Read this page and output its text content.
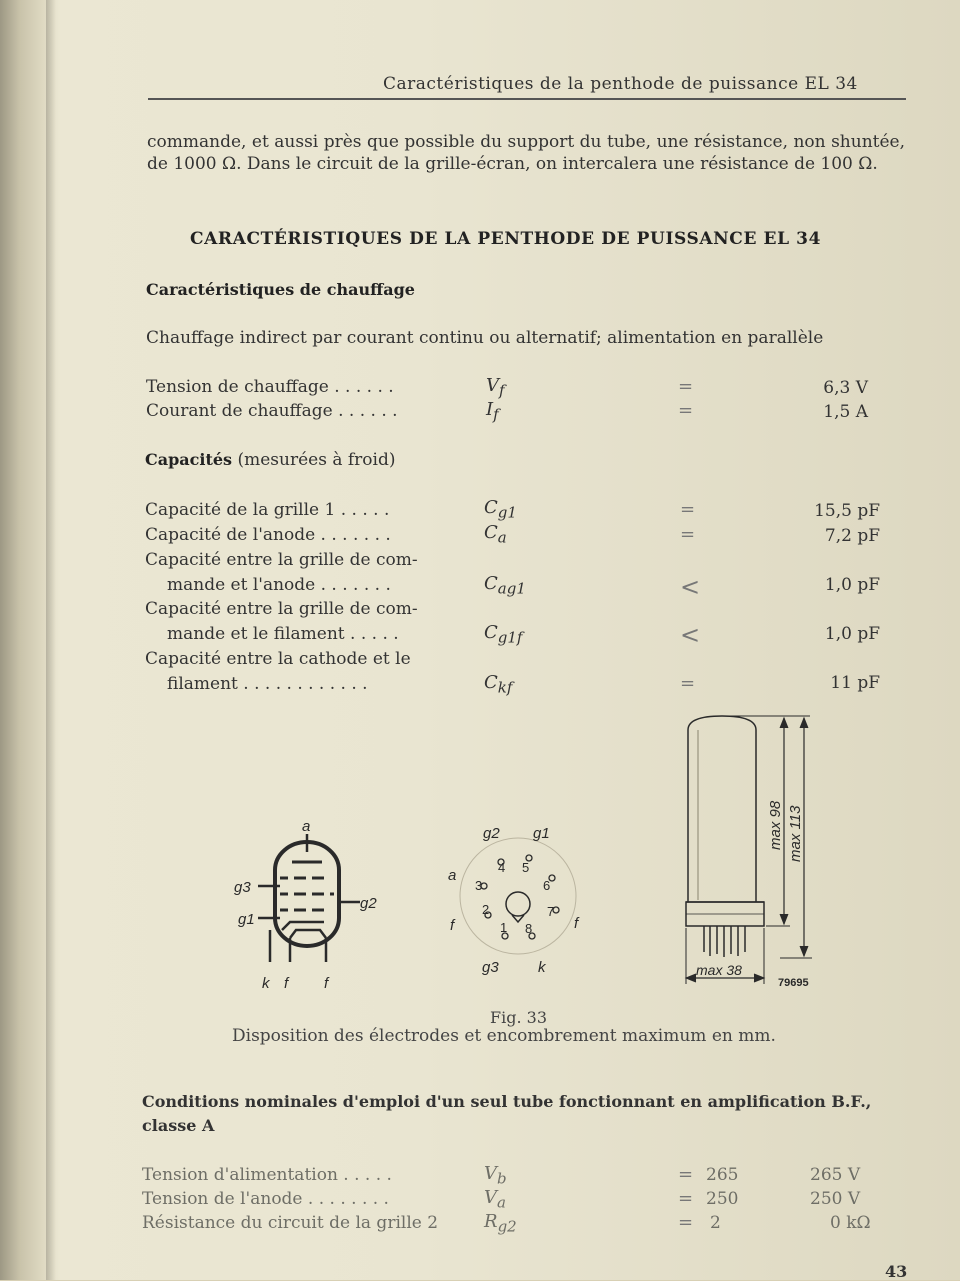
Caractéristiques de la penthode de puissance EL 34
commande, et aussi près que possible du support du tube, une résistance, non shuntée, de 1000 Ω. Dans le circuit de la grille-écran, on intercalera une résistance de 100 Ω.
CARACTÉRISTIQUES DE LA PENTHODE DE PUISSANCE EL 34
Caractéristiques de chauffage
Chauffage indirect par courant continu ou alternatif; alimentation en parallèle
Tension de chauffage . . . . . .	$V_f$	=	6,3 V
Courant de chauffage . . . . . .	$I_f$	=	1,5 A
Capacités (mesurées à froid)
Capacité de la grille 1 . . . . .	$C_{g1}$	=	15,5 pF
Capacité de l'anode . . . . . . .	$C_a$	=	7,2 pF
Capacité entre la grille de com-
mande et l'anode . . . . . . .	$C_{ag1}$	<	1,0 pF
Capacité entre la grille de com-
mande et le filament . . . . .	$C_{g1f}$	<	1,0 pF
Capacité entre la cathode et le
filament . . . . . . . . . . . .	$C_{kf}$	=	11 pF
a
g3
g2
g1
k f f
1
2
3
4 5
6
7
8
g2 g1
a
f	f
g3	k
max 98 max 113
max 38
79695
Fig. 33
Disposition des électrodes et encombrement maximum en mm.
Conditions nominales d'emploi d'un seul tube fonctionnant en amplification B.F.,
classe A
Tension d'alimentation . . . . .	$V_b$	= 265	265 V
Tension de l'anode . . . . . . . .	$V_a$	= 250	250 V
Résistance du circuit de la grille 2	$R_{g2}$	= 2	0 kΩ
43
